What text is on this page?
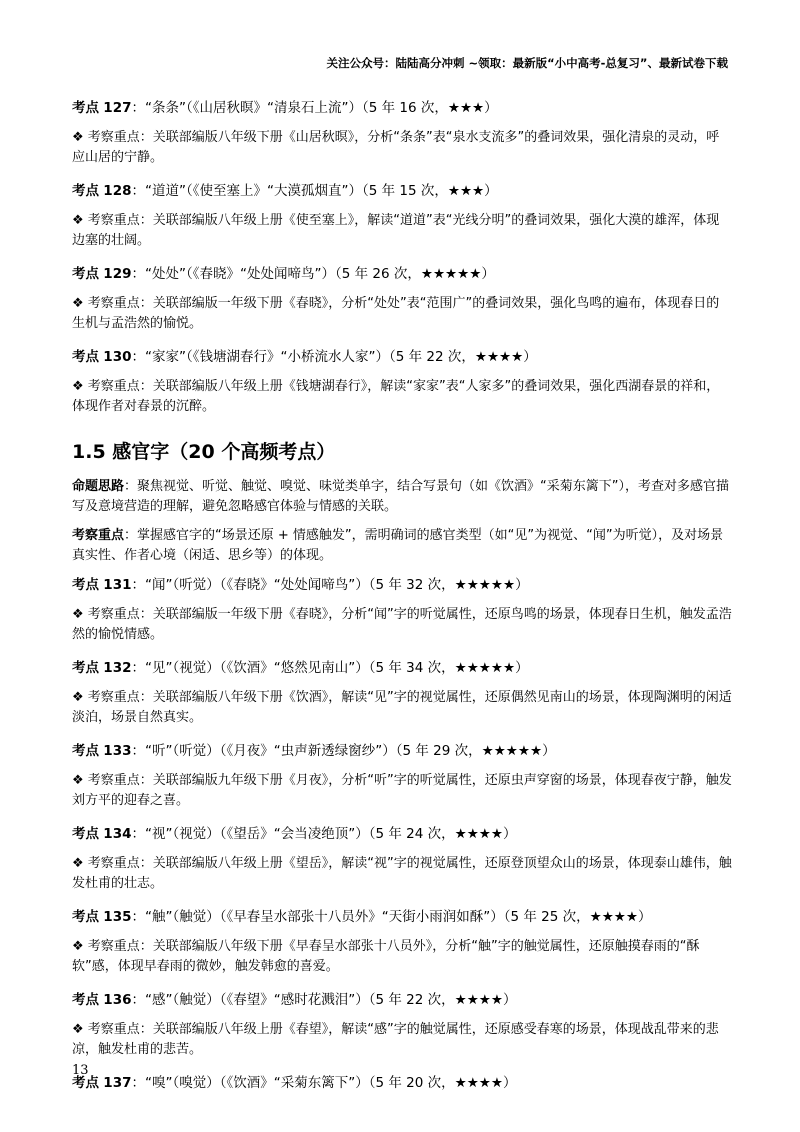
关注公众号：陆陆高分冲刺 ~领取：最新版“小中高考-总复习”、最新试卷下载
考点 127：“条条”（《山居秋暝》“清泉石上流”）（5 年 16 次，★★★）
❖ 考察重点：关联部编版八年级下册《山居秋暝》，分析“条条”表“泉水支流多”的叠词效果，强化清泉的灵动，呼应山居的宁静。
考点 128：“道道”（《使至塞上》“大漠孤烟直”）（5 年 15 次，★★★）
❖ 考察重点：关联部编版八年级上册《使至塞上》，解读“道道”表“光线分明”的叠词效果，强化大漠的雄浑，体现边塞的壮阔。
考点 129：“处处”（《春晓》“处处闻啼鸟”）（5 年 26 次，★★★★★）
❖ 考察重点：关联部编版一年级下册《春晓》，分析“处处”表“范围广”的叠词效果，强化鸟鸣的遍布，体现春日的生机与孟浩然的愉悦。
考点 130：“家家”（《钱塘湖春行》“小桥流水人家”）（5 年 22 次，★★★★）
❖ 考察重点：关联部编版八年级上册《钱塘湖春行》，解读“家家”表“人家多”的叠词效果，强化西湖春景的祥和，体现作者对春景的沉醉。
1.5 感官字（20 个高频考点）
命题思路：聚焦视觉、听觉、触觉、嗅觉、味觉类单字，结合写景句（如《饮酒》“采菊东篱下”），考查对多感官描写及意境营造的理解，避免忽略感官体验与情感的关联。
考察重点：掌握感官字的“场景还原 + 情感触发”，需明确词的感官类型（如“见”为视觉、“闻”为听觉），及对场景真实性、作者心境（闲适、思乡等）的体现。
考点 131：“闻”（听觉）（《春晓》“处处闻啼鸟”）（5 年 32 次，★★★★★）
❖ 考察重点：关联部编版一年级下册《春晓》，分析“闻”字的听觉属性，还原鸟鸣的场景，体现春日生机，触发孟浩然的愉悦情感。
考点 132：“见”（视觉）（《饮酒》“悠然见南山”）（5 年 34 次，★★★★★）
❖ 考察重点：关联部编版八年级下册《饮酒》，解读“见”字的视觉属性，还原偶然见南山的场景，体现陶渊明的闲适淡泊，场景自然真实。
考点 133：“听”（听觉）（《月夜》“虫声新透绿窗纱”）（5 年 29 次，★★★★★）
❖ 考察重点：关联部编版九年级下册《月夜》，分析“听”字的听觉属性，还原虫声穿窗的场景，体现春夜宁静，触发刘方平的迎春之喜。
考点 134：“视”（视觉）（《望岳》“会当凌绝顶”）（5 年 24 次，★★★★）
❖ 考察重点：关联部编版八年级上册《望岳》，解读“视”字的视觉属性，还原登顶望众山的场景，体现泰山雄伟，触发杜甫的壮志。
考点 135：“触”（触觉）（《早春呈水部张十八员外》“天街小雨润如酥”）（5 年 25 次，★★★★）
❖ 考察重点：关联部编版八年级下册《早春呈水部张十八员外》，分析“触”字的触觉属性，还原触摸春雨的“酥软”感，体现早春雨的微妙，触发韩愈的喜爱。
考点 136：“感”（触觉）（《春望》“感时花溅泪”）（5 年 22 次，★★★★）
❖ 考察重点：关联部编版八年级上册《春望》，解读“感”字的触觉属性，还原感受春寒的场景，体现战乱带来的悲凉，触发杜甫的悲苦。
考点 137：“嗅”（嗅觉）（《饮酒》“采菊东篱下”）（5 年 20 次，★★★★）
13
